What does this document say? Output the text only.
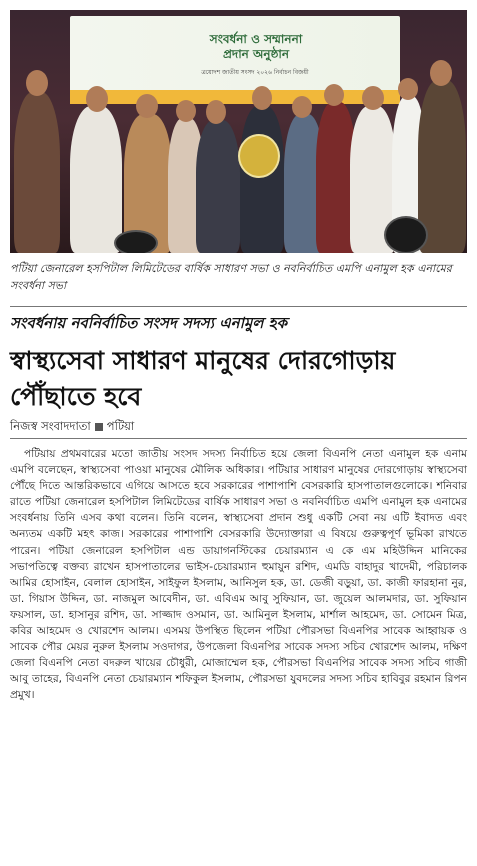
সংবর্ধনা ও সম্মাননা
প্রদান অনুষ্ঠান
ত্রয়োদশ জাতীয় সংসদ ২০২৬ নির্বাচন বিজয়ী
পটিয়া জেনারেল হসপিটাল লিমিটেডের বার্ষিক সাধারণ সভা ও নবনির্বাচিত এমপি এনামুল হক এনামের সংবর্ধনা সভা
সংবর্ধনায় নবনির্বাচিত সংসদ সদস্য এনামুল হক
স্বাস্থ্যসেবা সাধারণ মানুষের দোরগোড়ায় পৌঁছাতে হবে
নিজস্ব সংবাদদাতা পটিয়া
পটিয়ায় প্রথমবারের মতো জাতীয় সংসদ সদস্য নির্বাচিত হয়ে জেলা বিএনপি নেতা এনামুল হক এনাম এমপি বলেছেন, স্বাস্থ্যসেবা পাওয়া মানুষের মৌলিক অধিকার। পটিয়ার সাধারণ মানুষের দোরগোড়ায় স্বাস্থ্যসেবা পৌঁছে দিতে আন্তরিকভাবে এগিয়ে আসতে হবে সরকারের পাশাপাশি বেসরকারি হাসপাতালগুলোকে। শনিবার রাতে পটিয়া জেনারেল হসপিটাল লিমিটেডের বার্ষিক সাধারণ সভা ও নবনির্বাচিত এমপি এনামুল হক এনামের সংবর্ধনায় তিনি এসব কথা বলেন। তিনি বলেন, স্বাস্থ্যসেবা প্রদান শুধু একটি সেবা নয় এটি ইবাদত এবং অন্যতম একটি মহৎ কাজ। সরকারের পাশাপাশি বেসরকারি উদ্যোক্তারা এ বিষয়ে গুরুত্বপূর্ণ ভূমিকা রাখতে পারেন। পটিয়া জেনারেল হসপিটাল এন্ড ডায়াগনস্টিকের চেয়ারম্যান এ কে এম মহিউদ্দিন মানিকের সভাপতিত্বে বক্তব্য রাখেন হাসপাতালের ভাইস-চেয়ারম্যান হুমায়ুন রশিদ, এমডি বাহাদুর খাদেমী, পরিচালক আমির হোসাইন, বেলাল হোসাইন, সাইফুল ইসলাম, আনিসুল হক, ডা. ডেজী বড়ুয়া, ডা. কাজী ফারহানা নুর, ডা. গিয়াস উদ্দিন, ডা. নাজমুল আবেদীন, ডা. এবিএম আবু সুফিয়ান, ডা. জুয়েল আলমদার, ডা. সুফিয়ান ফয়সাল, ডা. হাসানুর রশিদ, ডা. সাজ্জাদ ওসমান, ডা. আমিনুল ইসলাম, মার্শাল আহমেদ, ডা. সোমেন মিত্র, কবির আহমেদ ও খোরশেদ আলম। এসময় উপস্থিত ছিলেন পটিয়া পৌরসভা বিএনপির সাবেক আহ্বায়ক ও সাবেক পৌর মেয়র নুরুল ইসলাম সওদাগর, উপজেলা বিএনপির সাবেক সদস্য সচিব খোরশেদ আলম, দক্ষিণ জেলা বিএনপি নেতা বদরুল খায়ের চৌধুরী, মোজাম্মেল হক, পৌরসভা বিএনপির সাবেক সদস্য সচিব গাজী আবু তাহের, বিএনপি নেতা চেয়ারম্যান শফিকুল ইসলাম, পৌরসভা যুবদলের সদস্য সচিব হাবিবুর রহমান রিপন প্রমুখ।
